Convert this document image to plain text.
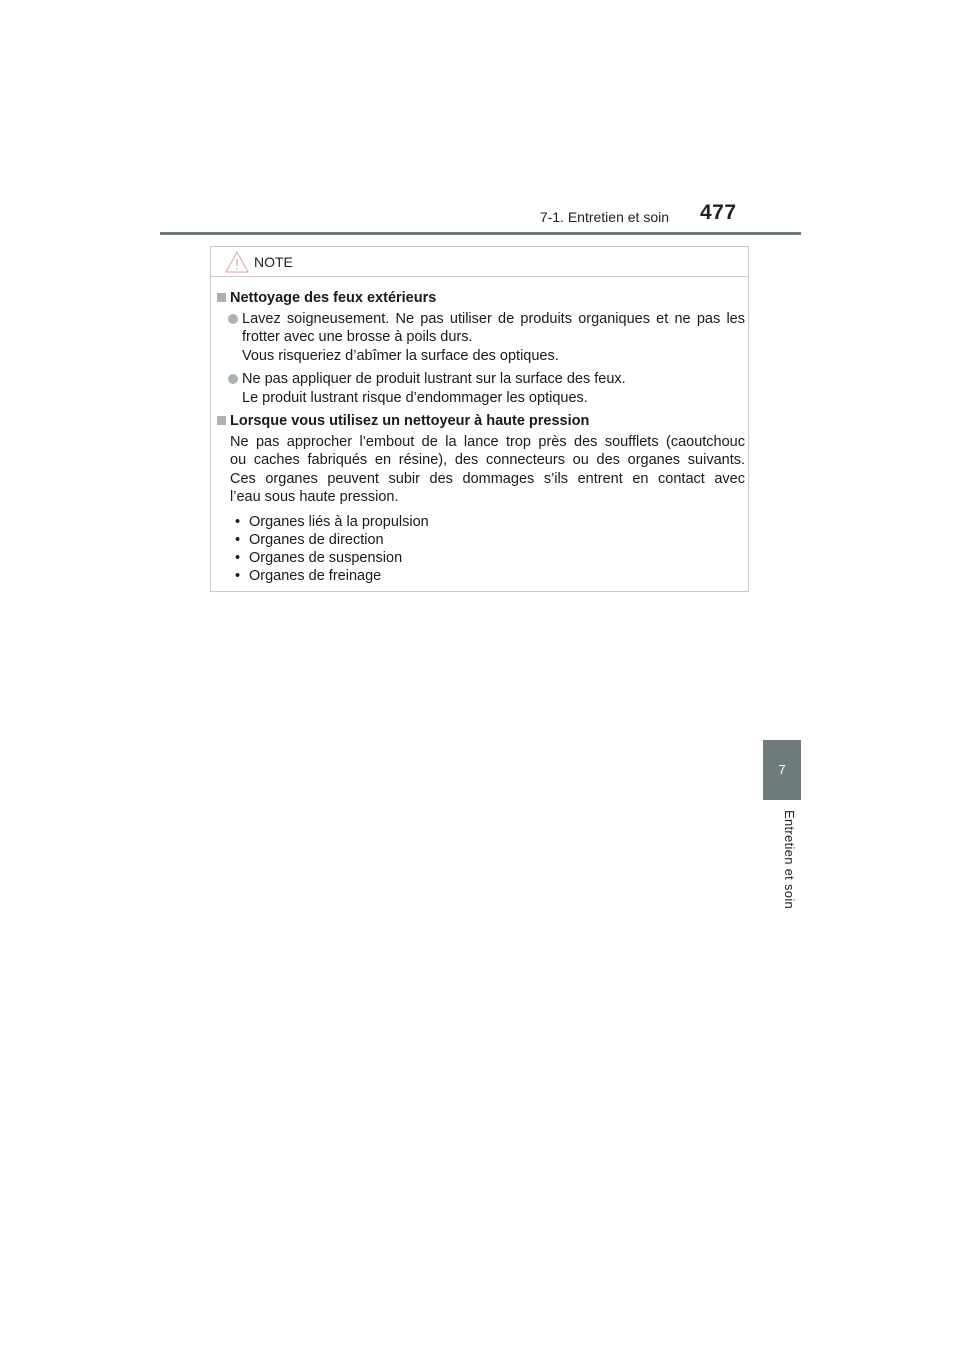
7-1. Entretien et soin 477
7
Entretien et soin
NOTE
Nettoyage des feux extérieurs
Lavez soigneusement. Ne pas utiliser de produits organiques et ne pas les
frotter avec une brosse à poils durs.
Vous risqueriez d’abîmer la surface des optiques.
Ne pas appliquer de produit lustrant sur la surface des feux.
Le produit lustrant risque d’endommager les optiques.
Lorsque vous utilisez un nettoyeur à haute pression
Ne pas approcher l’embout de la lance trop près des soufflets (caoutchouc
ou caches fabriqués en résine), des connecteurs ou des organes suivants.
Ces organes peuvent subir des dommages s’ils entrent en contact avec
l’eau sous haute pression.
• Organes liés à la propulsion
• Organes de direction
• Organes de suspension
• Organes de freinage
